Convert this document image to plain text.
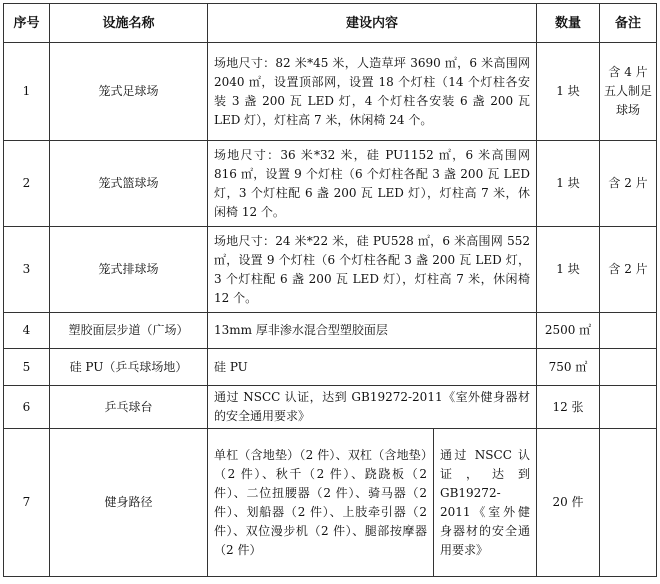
序号	设施名称	建设内容		数量	备注
1	笼式足球场	场地尺寸：82 米*45 米，人造草坪 3690 ㎡，6 米高围网 2040 ㎡，设置顶部网，设置 18 个灯柱（14 个灯柱各安装 3 盏 200 瓦 LED 灯，4 个灯柱各安装 6 盏 200 瓦 LED 灯），灯柱高 7 米，休闲椅 24 个。		1 块	含 4 片五人制足球场
2	笼式篮球场	场地尺寸：36 米*32 米，硅 PU1152 ㎡，6 米高围网 816 ㎡，设置 9 个灯柱（6 个灯柱各配 3 盏 200 瓦 LED 灯，3 个灯柱配 6 盏 200 瓦 LED 灯），灯柱高 7 米，休闲椅 12 个。		1 块	含 2 片
3	笼式排球场	场地尺寸：24 米*22 米，硅 PU528 ㎡，6 米高围网 552 ㎡，设置 9 个灯柱（6 个灯柱各配 3 盏 200 瓦 LED 灯，3 个灯柱配 6 盏 200 瓦 LED 灯），灯柱高 7 米，休闲椅 12 个。		1 块	含 2 片
4	塑胶面层步道（广场）	13mm 厚非渗水混合型塑胶面层		2500 ㎡	
5	硅 PU（乒乓球场地）	硅 PU		750 ㎡	
6	乒乓球台	通过 NSCC 认证，达到 GB19272-2011《室外健身器材的安全通用要求》		12 张	
7	健身路径	单杠（含地垫）（2 件）、双杠（含地垫）（2 件）、秋千（2 件）、跷跷板（2 件）、二位扭腰器（2 件）、骑马器（2 件）、划船器（2 件）、上肢牵引器（2 件）、双位漫步机（2 件）、腿部按摩器（2 件）	通过 NSCC 认证，达到 GB19272-2011《室外健身器材的安全通用要求》	20 件	
